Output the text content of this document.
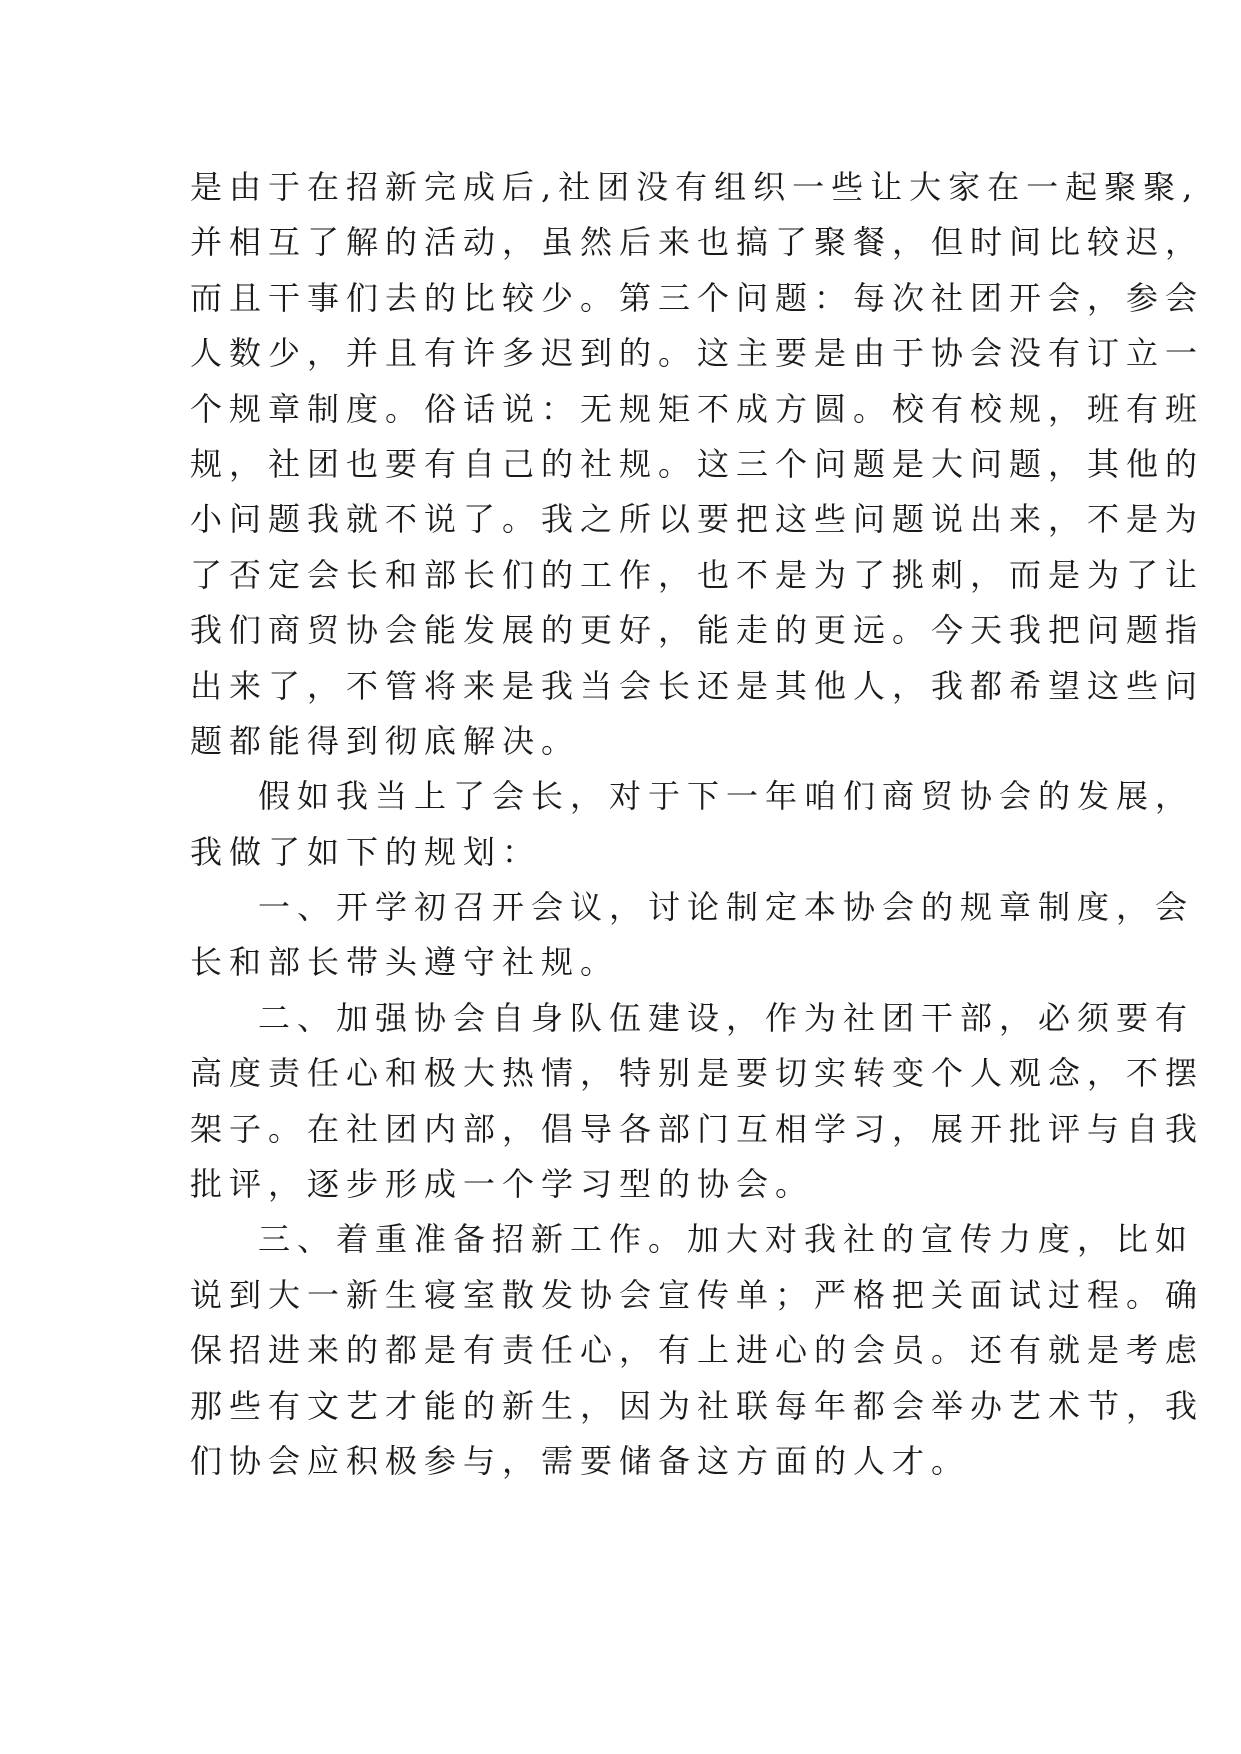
是由于在招新完成后,社团没有组织一些让大家在一起聚聚,
并相互了解的活动，虽然后来也搞了聚餐，但时间比较迟，
而且干事们去的比较少。第三个问题：每次社团开会，参会
人数少，并且有许多迟到的。这主要是由于协会没有订立一
个规章制度。俗话说：无规矩不成方圆。校有校规，班有班
规，社团也要有自己的社规。这三个问题是大问题，其他的
小问题我就不说了。我之所以要把这些问题说出来，不是为
了否定会长和部长们的工作，也不是为了挑刺，而是为了让
我们商贸协会能发展的更好，能走的更远。今天我把问题指
出来了，不管将来是我当会长还是其他人，我都希望这些问
题都能得到彻底解决。
假如我当上了会长，对于下一年咱们商贸协会的发展，
我做了如下的规划：
一、开学初召开会议，讨论制定本协会的规章制度，会
长和部长带头遵守社规。
二、加强协会自身队伍建设，作为社团干部，必须要有
高度责任心和极大热情，特别是要切实转变个人观念，不摆
架子。在社团内部，倡导各部门互相学习，展开批评与自我
批评，逐步形成一个学习型的协会。
三、着重准备招新工作。加大对我社的宣传力度，比如
说到大一新生寝室散发协会宣传单；严格把关面试过程。确
保招进来的都是有责任心，有上进心的会员。还有就是考虑
那些有文艺才能的新生，因为社联每年都会举办艺术节，我
们协会应积极参与，需要储备这方面的人才。
